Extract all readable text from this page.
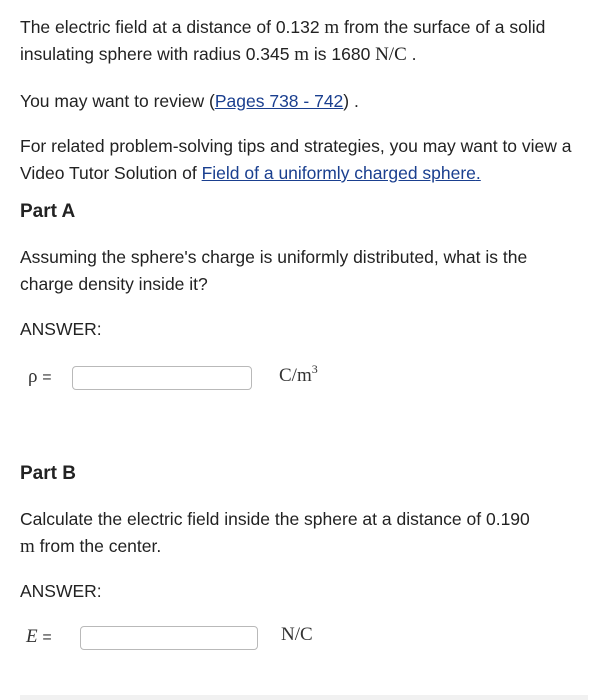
The electric field at a distance of 0.132 m from the surface of a solid insulating sphere with radius 0.345 m is 1680 N/C .
You may want to review (Pages 738 - 742) .
For related problem-solving tips and strategies, you may want to view a Video Tutor Solution of Field of a uniformly charged sphere.
Part A
Assuming the sphere's charge is uniformly distributed, what is the charge density inside it?
ANSWER:
ρ =	$C/m^3$
Part B
Calculate the electric field inside the sphere at a distance of 0.190
m from the center.
ANSWER:
E =	N/C
